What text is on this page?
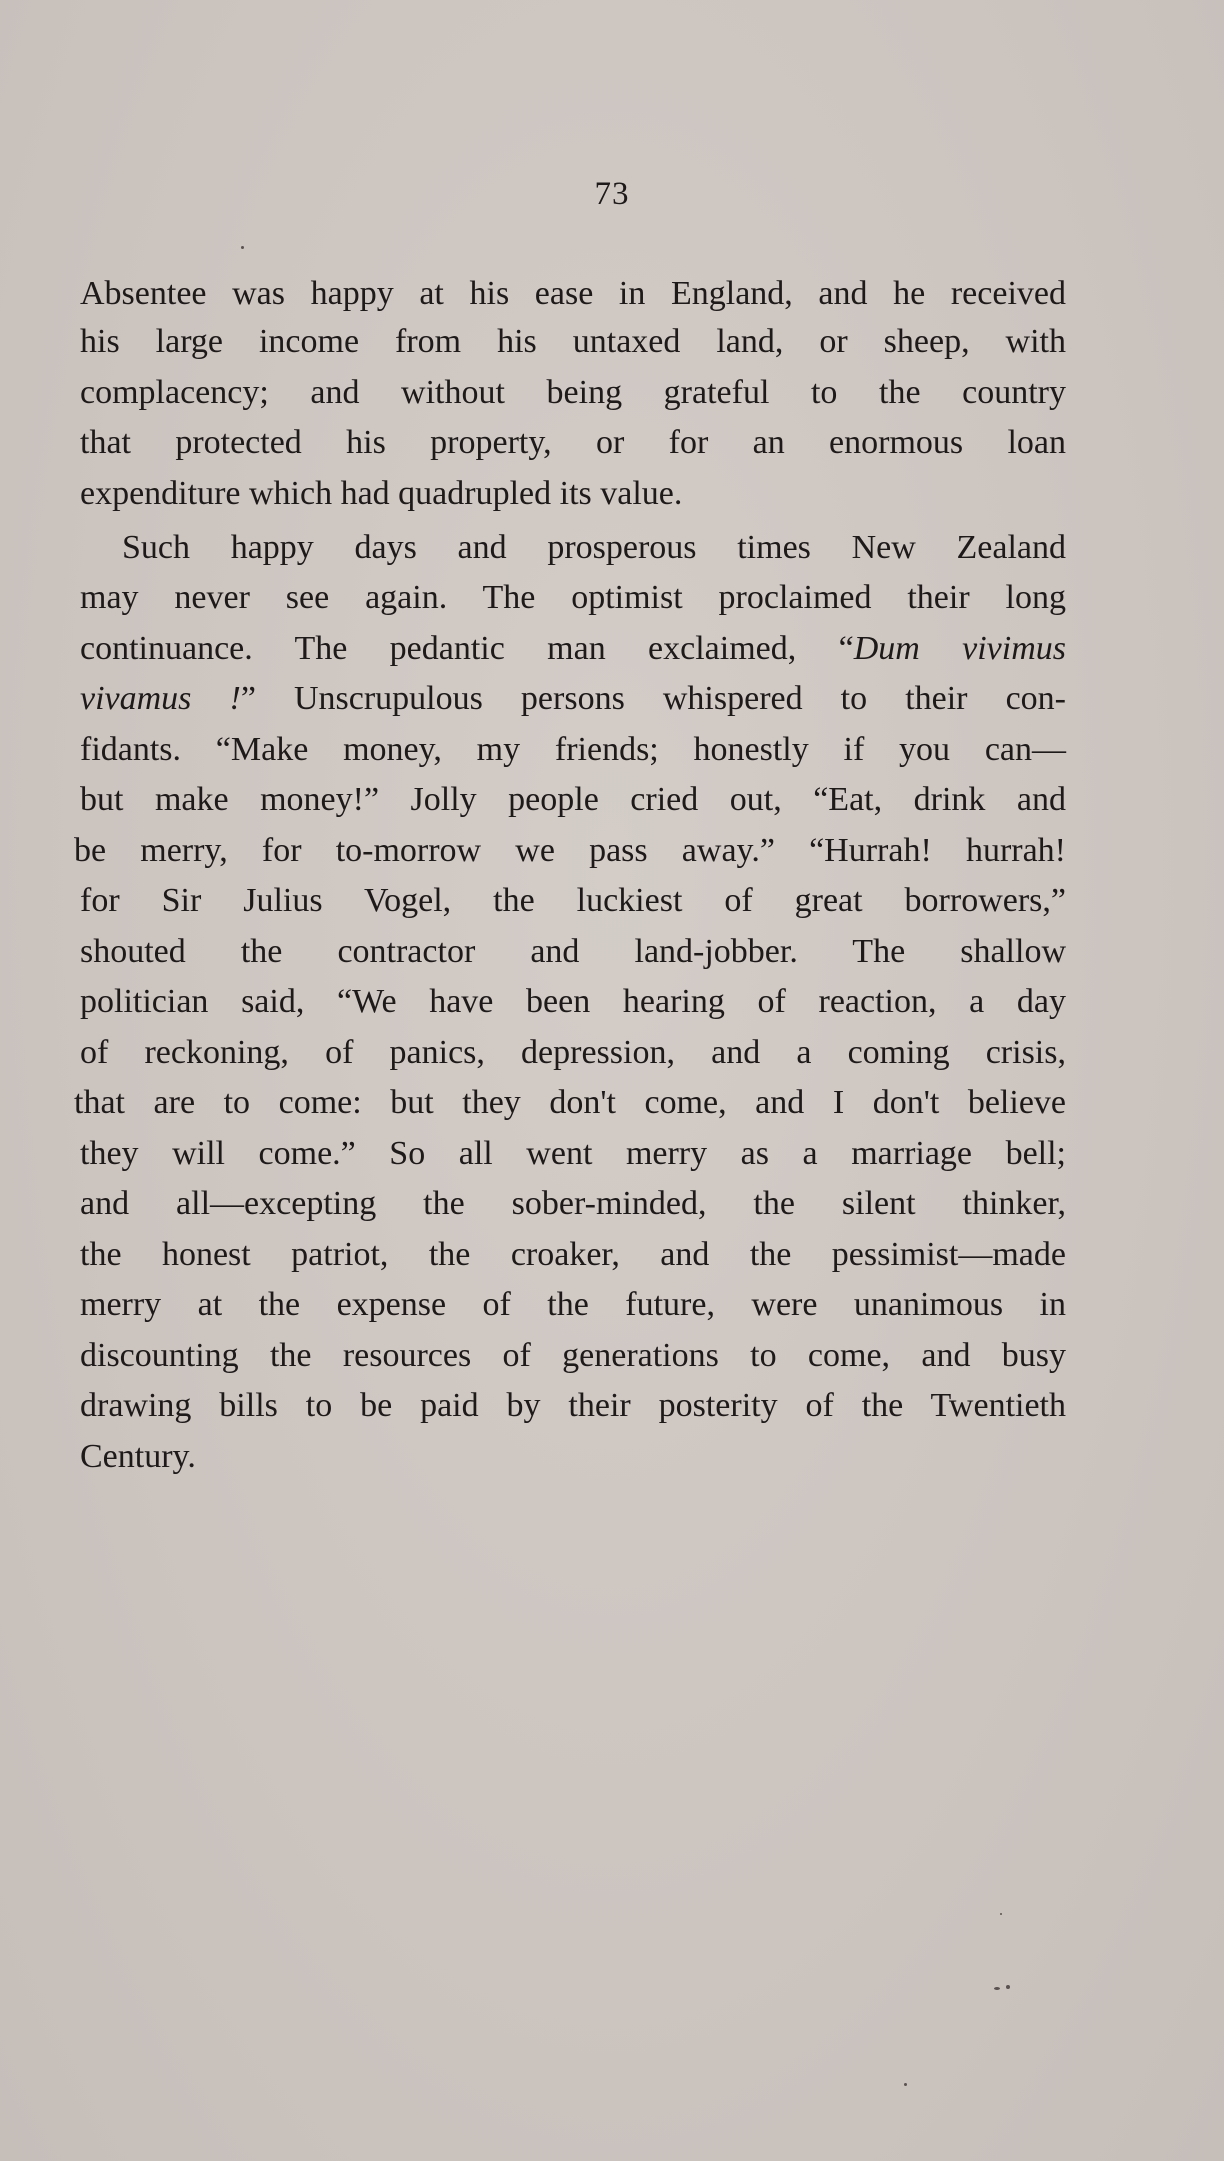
73
Absentee was happy at his ease in England, and he received
his large income from his untaxed land, or sheep, with
complacency; and without being grateful to the country
that protected his property, or for an enormous loan
expenditure which had quadrupled its value.
Such happy days and prosperous times New Zealand
may never see again. The optimist proclaimed their long
continuance. The pedantic man exclaimed, “Dum vivimus
vivamus !” Unscrupulous persons whispered to their con-
fidants. “Make money, my friends; honestly if you can—
but make money!” Jolly people cried out, “Eat, drink and
be merry, for to-morrow we pass away.” “Hurrah! hurrah!
for Sir Julius Vogel, the luckiest of great borrowers,”
shouted the contractor and land-jobber. The shallow
politician said, “We have been hearing of reaction, a day
of reckoning, of panics, depression, and a coming crisis,
that are to come: but they don't come, and I don't believe
they will come.” So all went merry as a marriage bell;
and all—excepting the sober-minded, the silent thinker,
the honest patriot, the croaker, and the pessimist—made
merry at the expense of the future, were unanimous in
discounting the resources of generations to come, and busy
drawing bills to be paid by their posterity of the Twentieth
Century.
